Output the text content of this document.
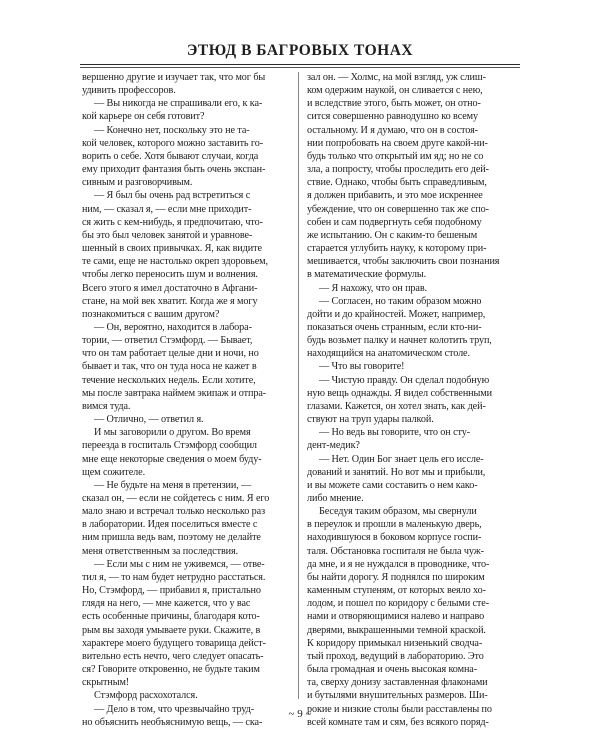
ЭТЮД В БАГРОВЫХ ТОНАХ
вершенно другие и изучает так, что мог бы
удивить профессоров.
— Вы никогда не спрашивали его, к ка-
кой карьере он себя готовит?
— Конечно нет, поскольку это не та-
кой человек, которого можно заставить го-
ворить о себе. Хотя бывают случаи, когда
ему приходит фантазия быть очень экспан-
сивным и разговорчивым.
— Я был бы очень рад встретиться с
ним, — сказал я, — если мне приходит-
ся жить с кем-нибудь, я предпочитаю, что-
бы это был человек занятой и уравнове-
шенный в своих привычках. Я, как видите
те сами, еще не настолько окреп здоровьем,
чтобы легко переносить шум и волнения.
Всего этого я имел достаточно в Афгани-
стане, на мой век хватит. Когда же я могу
познакомиться с вашим другом?
— Он, вероятно, находится в лабора-
тории, — ответил Стэмфорд. — Бывает,
что он там работает целые дни и ночи, но
бывает и так, что он туда носа не кажет в
течение нескольких недель. Если хотите,
мы после завтрака наймем экипаж и отпра-
вимся туда.
— Отлично, — ответил я.
И мы заговорили о другом. Во время
переезда в госпиталь Стэмфорд сообщил
мне еще некоторые сведения о моем буду-
щем сожителе.
— Не будьте на меня в претензии, —
сказал он, — если не сойдетесь с ним. Я его
мало знаю и встречал только несколько раз
в лаборатории. Идея поселиться вместе с
ним пришла ведь вам, поэтому не делайте
меня ответственным за последствия.
— Если мы с ним не уживемся, — отве-
тил я, — то нам будет нетрудно расстаться.
Но, Стэмфорд, — прибавил я, пристально
глядя на него, — мне кажется, что у вас
есть особенные причины, благодаря кото-
рым вы заходя умываете руки. Скажите, в
характере моего будущего товарища дейст-
вительно есть нечто, чего следует опасать-
ся? Говорите откровенно, не будьте таким
скрытным!
Стэмфорд расхохотался.
— Дело в том, что чрезвычайно труд-
но объяснить необъяснимую вещь, — ска-
зал он. — Холмс, на мой взгляд, уж слиш-
ком одержим наукой, он сливается с нею,
и вследствие этого, быть может, он отно-
сится совершенно равнодушно ко всему
остальному. И я думаю, что он в состоя-
нии попробовать на своем друге какой-ни-
будь только что открытый им яд; но не со
зла, а попросту, чтобы проследить его дей-
ствие. Однако, чтобы быть справедливым,
я должен прибавить, и это мое искреннее
убеждение, что он совершенно так же спо-
собен и сам подвергнуть себя подобному
же испытанию. Он с каким-то бешеным
старается углубить науку, к которому при-
мешивается, чтобы заключить свои познания
в математические формулы.
— Я нахожу, что он прав.
— Согласен, но таким образом можно
дойти и до крайностей. Может, например,
показаться очень странным, если кто-ни-
будь возьмет палку и начнет колотить труп,
находящийся на анатомическом столе.
— Что вы говорите!
— Чистую правду. Он сделал подобную
ную вещь однажды. Я видел собственными
глазами. Кажется, он хотел знать, как дей-
ствуют на труп удары палкой.
— Но ведь вы говорите, что он сту-
дент-медик?
— Нет. Один Бог знает цель его иссле-
дований и занятий. Но вот мы и прибыли,
и вы можете сами составить о нем како-
либо мнение.
Беседуя таким образом, мы свернули
в переулок и прошли в маленькую дверь,
находившуюся в боковом корпусе госпи-
таля. Обстановка госпиталя не была чуж-
да мне, и я не нуждался в проводнике, что-
бы найти дорогу. Я поднялся по широким
каменным ступеням, от которых веяло хо-
лодом, и пошел по коридору с белыми сте-
нами и отворяющимися налево и направо
дверями, выкрашенными темной краской.
К коридору примыкал низенький сводча-
тый проход, ведущий в лабораторию. Это
была громадная и очень высокая комна-
та, сверху донизу заставленная флаконами
и бутылями внушительных размеров. Ши-
рокие и низкие столы были расставлены по
всей комнате там и сям, без всякого поряд-
~ 9 ~
